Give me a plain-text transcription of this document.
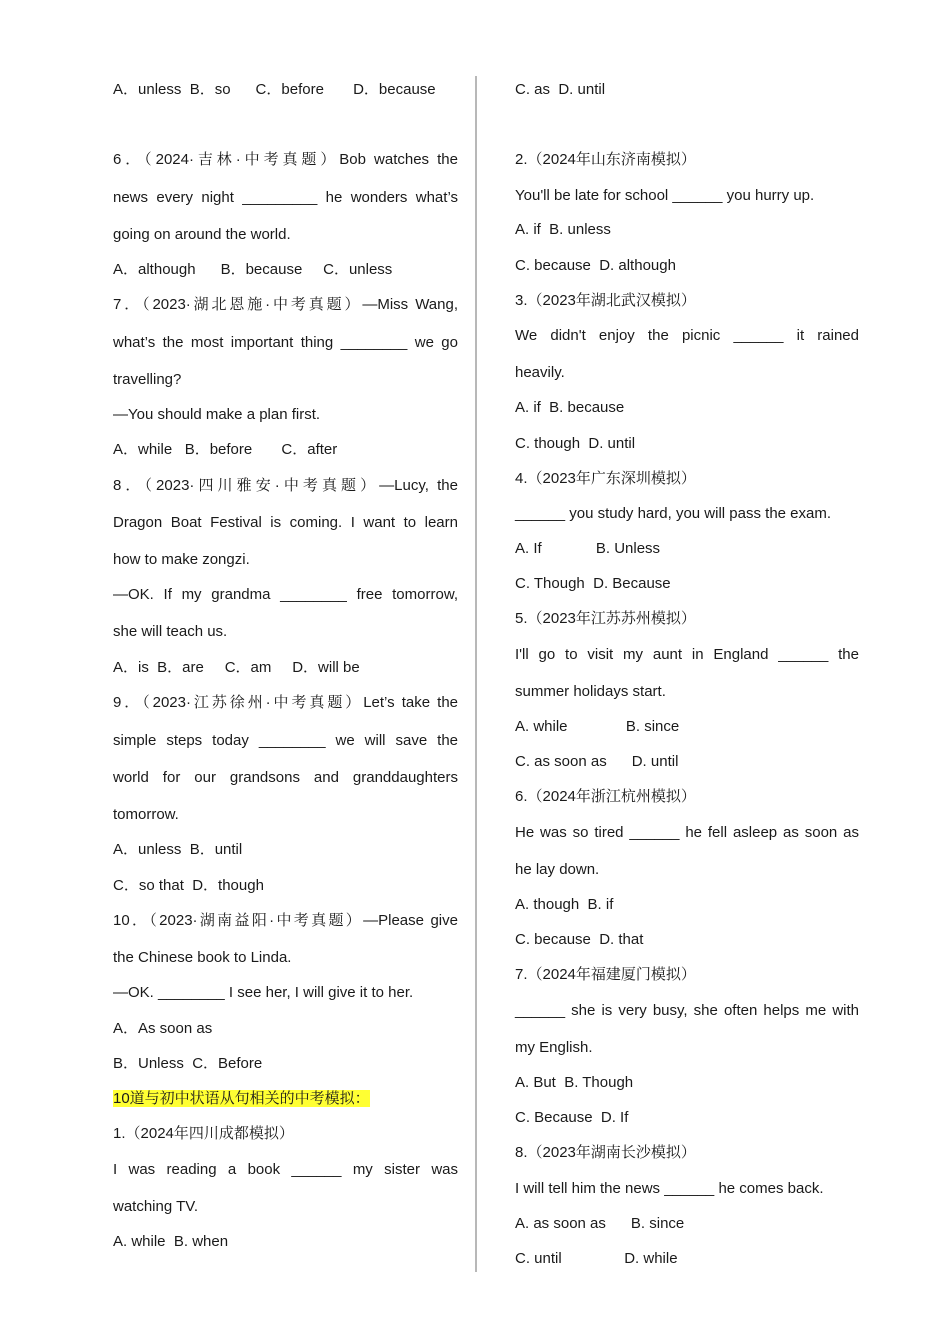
A．unless  B．so      C．before       D．because
6．（2024·吉林·中考真题）Bob watches the
news every night _________ he wonders what’s
going on around the world.
A．although      B．because     C．unless
7．（2023·湖北恩施·中考真题）—Miss Wang,
what’s the most important thing ________ we go
travelling?
—You should make a plan first.
A．while   B．before       C．after
8．（2023·四川雅安·中考真题）—Lucy, the
Dragon Boat Festival is coming. I want to learn
how to make zongzi.
—OK. If my grandma ________ free tomorrow,
she will teach us.
A．is  B．are     C．am     D．will be
9．（2023·江苏徐州·中考真题）Let’s take the
simple steps today ________ we will save the
world for our grandsons and granddaughters
tomorrow.
A．unless  B．until
C．so that  D．though
10．（2023·湖南益阳·中考真题）—Please give
the Chinese book to Linda.
—OK. ________ I see her, I will give it to her.
A．As soon as
B．Unless  C．Before
10道与初中状语从句相关的中考模拟：
1.（2024年四川成都模拟）
I was reading a book ______ my sister was
watching TV.
A. while  B. when
C. as  D. until
2.（2024年山东济南模拟）
You'll be late for school ______ you hurry up.
A. if  B. unless
C. because  D. although
3.（2023年湖北武汉模拟）
We didn't enjoy the picnic ______ it rained
heavily.
A. if  B. because
C. though  D. until
4.（2023年广东深圳模拟）
______ you study hard, you will pass the exam.
A. If             B. Unless
C. Though  D. Because
5.（2023年江苏苏州模拟）
I'll go to visit my aunt in England ______ the
summer holidays start.
A. while              B. since
C. as soon as      D. until
6.（2024年浙江杭州模拟）
He was so tired ______ he fell asleep as soon as
he lay down.
A. though  B. if
C. because  D. that
7.（2024年福建厦门模拟）
______ she is very busy, she often helps me with
my English.
A. But  B. Though
C. Because  D. If
8.（2023年湖南长沙模拟）
I will tell him the news ______ he comes back.
A. as soon as      B. since
C. until               D. while
